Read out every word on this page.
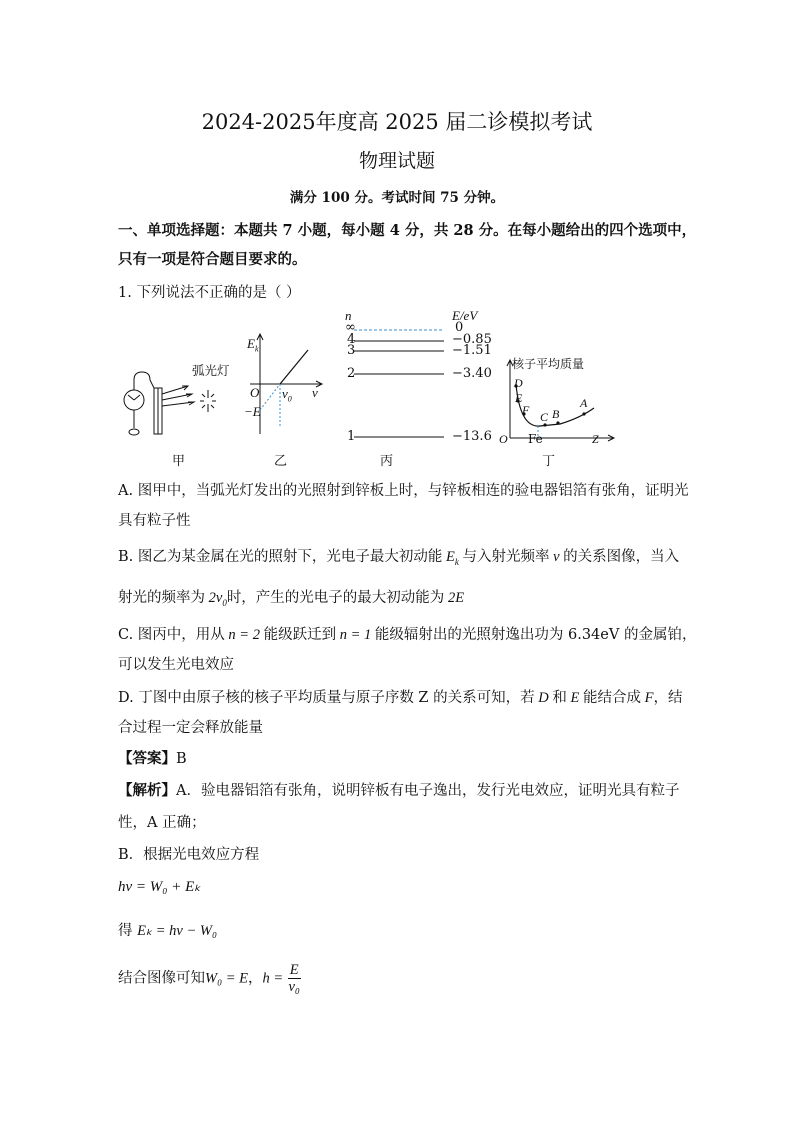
2024-2025年度高 2025 届二诊模拟考试
物理试题
满分 100 分。考试时间 75 分钟。
一、单项选择题：本题共 7 小题，每小题 4 分，共 28 分。在每小题给出的四个选项中，
只有一项是符合题目要求的。
1. 下列说法不正确的是（ ）
弧光灯
甲
$E_k$
O	ν
$\nu_0$
−E
乙
n	E/eV
∞	0
4	−0.85
3	−1.51
2	−3.40
1	−13.6
丙
核子平均质量
D
E
F C B
A
O Fe	Z
丁
A. 图甲中，当弧光灯发出的光照射到锌板上时，与锌板相连的验电器铝箔有张角，证明光
具有粒子性
B. 图乙为某金属在光的照射下，光电子最大初动能 $E_k$ 与入射光频率 ν 的关系图像，当入
射光的频率为 $2\nu_0$时，产生的光电子的最大初动能为 2E
C. 图丙中，用从 n = 2 能级跃迁到 n = 1 能级辐射出的光照射逸出功为 6.34eV 的金属铂，
可以发生光电效应
D. 丁图中由原子核的核子平均质量与原子序数 Z 的关系可知，若 D 和 E 能结合成 F，结
合过程一定会释放能量
【答案】B
【解析】A．验电器铝箔有张角，说明锌板有电子逸出，发行光电效应，证明光具有粒子
性，A 正确；
B．根据光电效应方程
hν = W₀ + Eₖ
得 Eₖ = hν − W₀
结合图像可知W₀ = E，$h = \frac{E}{\text{ν₀}}$
